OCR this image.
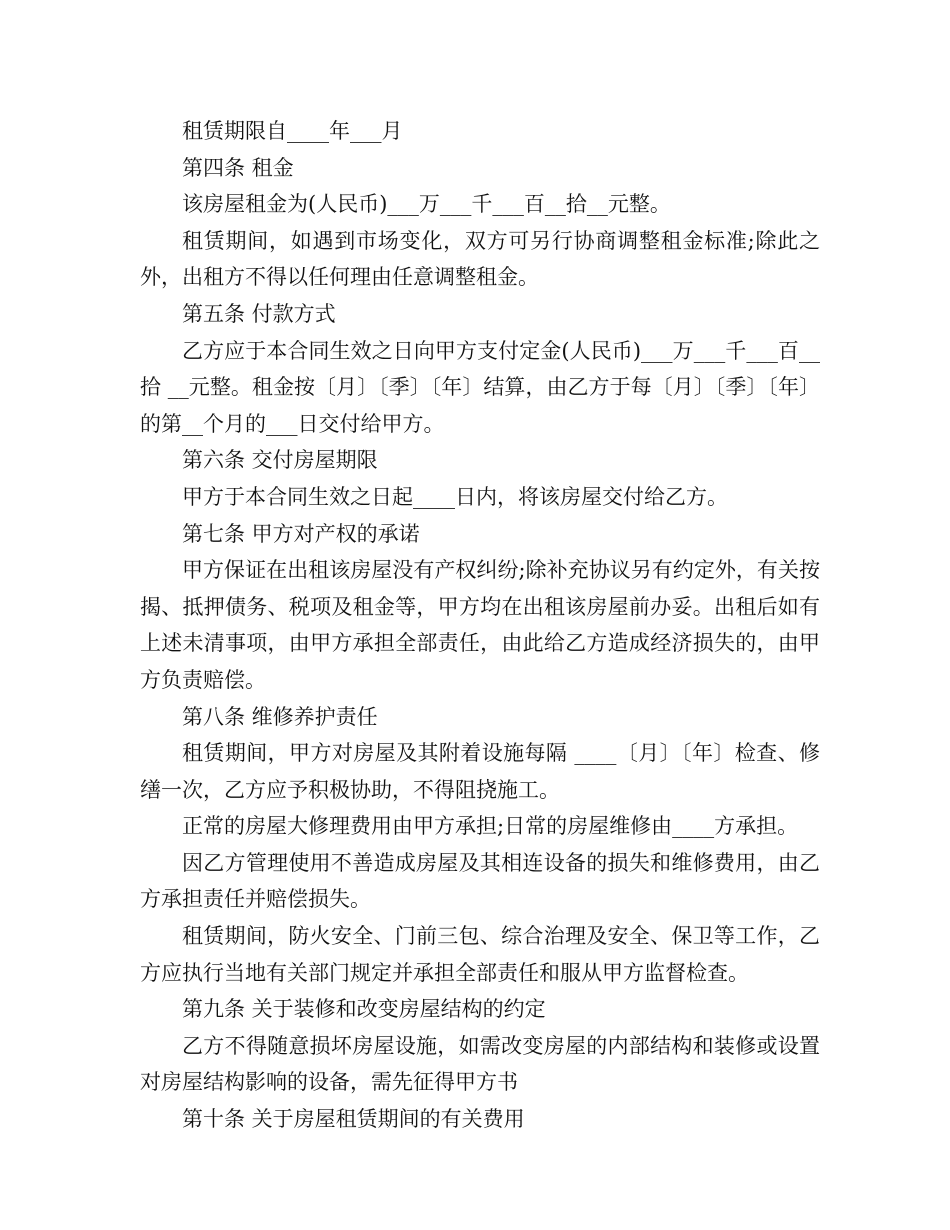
租赁期限自____年___月

第四条 租金

该房屋租金为(人民币)___万___千___百__拾__元整。

租赁期间，如遇到市场变化，双方可另行协商调整租金标准;除此之外，出租方不得以任何理由任意调整租金。

第五条 付款方式

乙方应于本合同生效之日向甲方支付定金(人民币)___万___千___百__拾 __元整。租金按〔月〕〔季〕〔年〕结算，由乙方于每〔月〕〔季〕〔年〕的第__个月的___日交付给甲方。

第六条 交付房屋期限

甲方于本合同生效之日起____日内，将该房屋交付给乙方。

第七条 甲方对产权的承诺

甲方保证在出租该房屋没有产权纠纷;除补充协议另有约定外，有关按揭、抵押债务、税项及租金等，甲方均在出租该房屋前办妥。出租后如有上述未清事项，由甲方承担全部责任，由此给乙方造成经济损失的，由甲方负责赔偿。

第八条 维修养护责任

租赁期间，甲方对房屋及其附着设施每隔 ____〔月〕〔年〕检查、修缮一次，乙方应予积极协助，不得阻挠施工。

正常的房屋大修理费用由甲方承担;日常的房屋维修由____方承担。

因乙方管理使用不善造成房屋及其相连设备的损失和维修费用，由乙方承担责任并赔偿损失。

租赁期间，防火安全、门前三包、综合治理及安全、保卫等工作，乙方应执行当地有关部门规定并承担全部责任和服从甲方监督检查。

第九条 关于装修和改变房屋结构的约定

乙方不得随意损坏房屋设施，如需改变房屋的内部结构和装修或设置对房屋结构影响的设备，需先征得甲方书

第十条 关于房屋租赁期间的有关费用
